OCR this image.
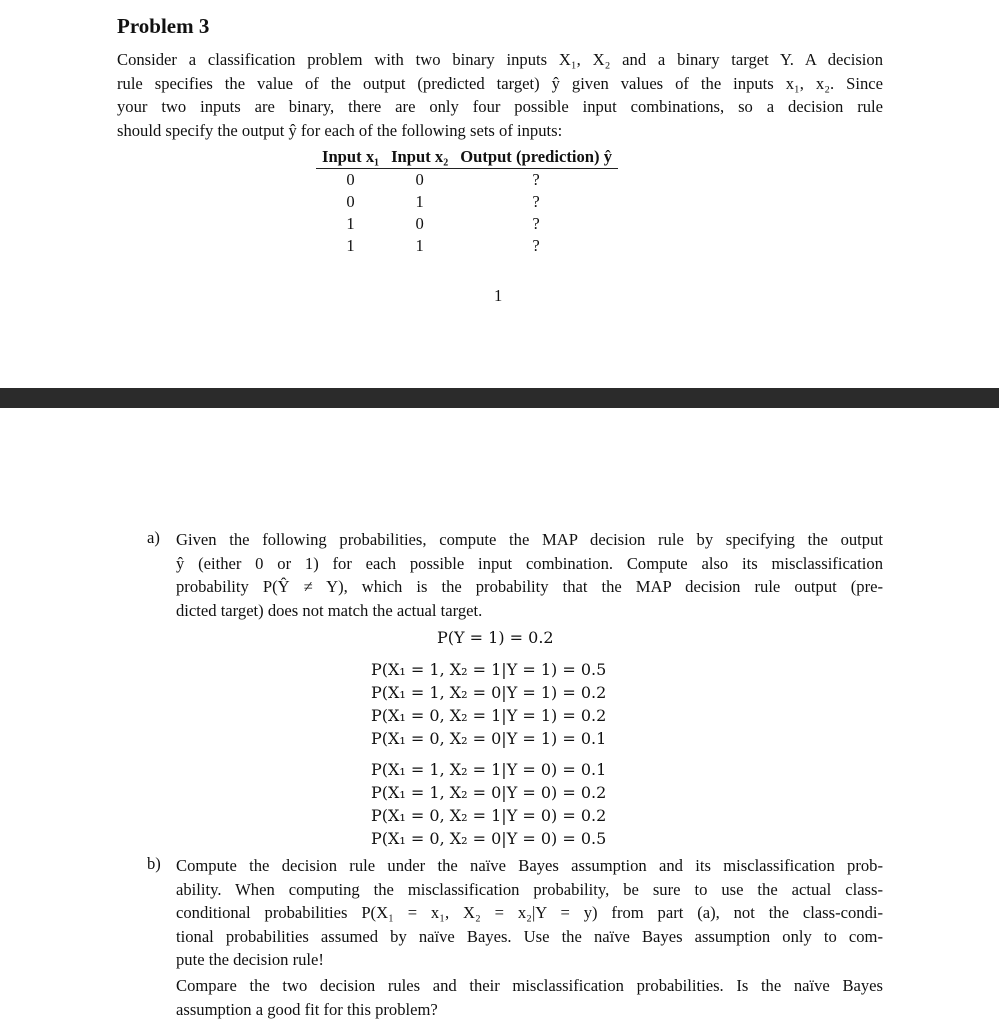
Problem 3
Consider a classification problem with two binary inputs X₁, X₂ and a binary target Y. A decision
rule specifies the value of the output (predicted target) ŷ given values of the inputs x₁, x₂. Since
your two inputs are binary, there are only four possible input combinations, so a decision rule
should specify the output ŷ for each of the following sets of inputs:
Input x₁	Input x₂	Output (prediction) ŷ
0	0	?
0	1	?
1	0	?
1	1	?
1
a) Given the following probabilities, compute the MAP decision rule by specifying the output
ŷ (either 0 or 1) for each possible input combination. Compute also its misclassification
probability P(Ŷ ≠ Y), which is the probability that the MAP decision rule output (pre-
dicted target) does not match the actual target.
P(Y = 1) = 0.2
P(X₁ = 1, X₂ = 1|Y = 1) = 0.5
P(X₁ = 1, X₂ = 0|Y = 1) = 0.2
P(X₁ = 0, X₂ = 1|Y = 1) = 0.2
P(X₁ = 0, X₂ = 0|Y = 1) = 0.1
P(X₁ = 1, X₂ = 1|Y = 0) = 0.1
P(X₁ = 1, X₂ = 0|Y = 0) = 0.2
P(X₁ = 0, X₂ = 1|Y = 0) = 0.2
P(X₁ = 0, X₂ = 0|Y = 0) = 0.5
b) Compute the decision rule under the naïve Bayes assumption and its misclassification prob-
ability. When computing the misclassification probability, be sure to use the actual class-
conditional probabilities P(X₁ = x₁, X₂ = x₂|Y = y) from part (a), not the class-condi-
tional probabilities assumed by naïve Bayes. Use the naïve Bayes assumption only to com-
pute the decision rule!
Compare the two decision rules and their misclassification probabilities. Is the naïve Bayes
assumption a good fit for this problem?
